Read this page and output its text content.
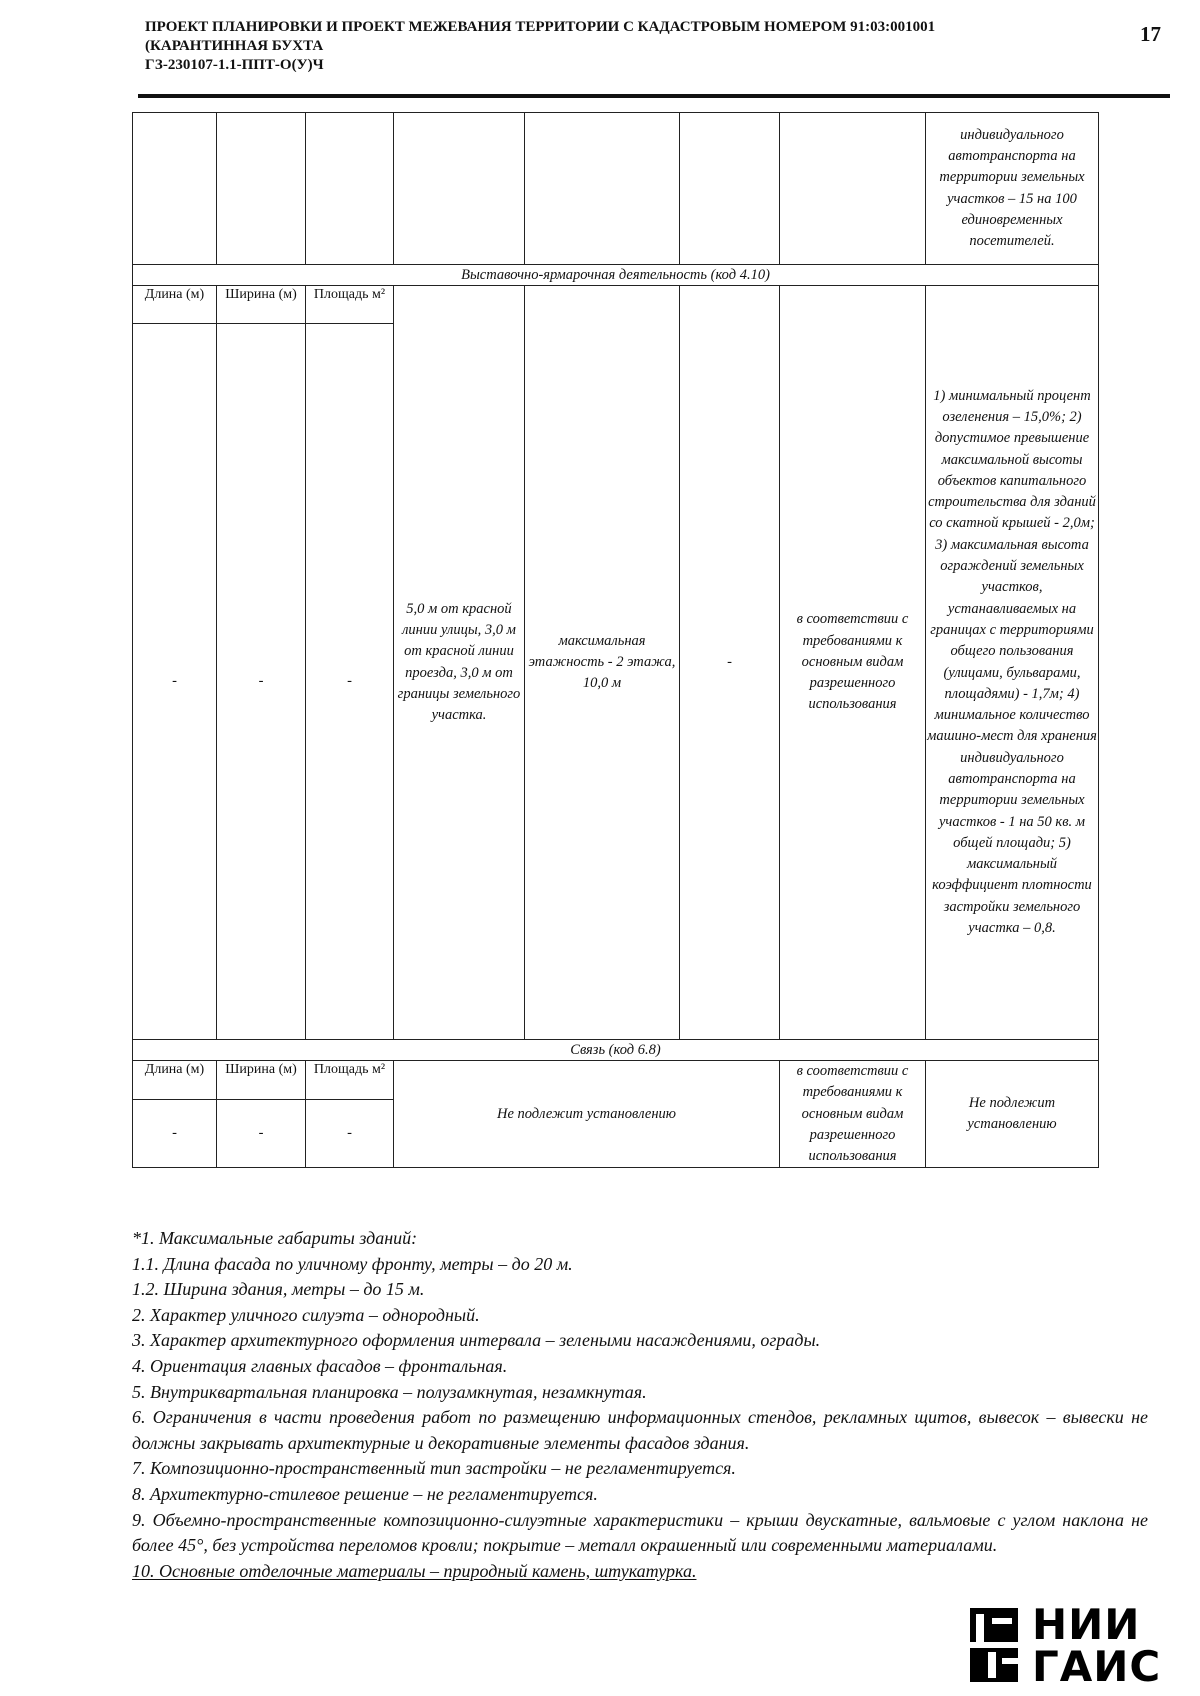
ПРОЕКТ ПЛАНИРОВКИ И ПРОЕКТ МЕЖЕВАНИЯ ТЕРРИТОРИИ С КАДАСТРОВЫМ НОМЕРОМ 91:03:001001
(КАРАНТИННАЯ БУХТА
ГЗ-230107-1.1-ППТ-О(У)Ч
17
							индивидуального автотранспорта на территории земельных участков – 15 на 100 единовременных посетителей.
Выставочно-ярмарочная деятельность (код 4.10)							
Длина (м)	Ширина (м)	Площадь м²	5,0 м от красной линии улицы, 3,0 м от красной линии проезда, 3,0 м от границы земельного участка.	максимальная этажность - 2 этажа, 10,0 м	-	в соответствии с требованиями к основным видам разрешенного использования	1) минимальный процент озеленения – 15,0%; 2) допустимое превышение максимальной высоты объектов капитального строительства для зданий со скатной крышей - 2,0м; 3) максимальная высота ограждений земельных участков, устанавливаемых на границах с территориями общего пользования (улицами, бульварами, площадями) - 1,7м; 4) минимальное количество машино-мест для хранения индивидуального автотранспорта на территории земельных участков - 1 на 50 кв. м общей площади; 5) максимальный коэффициент плотности застройки земельного участка – 0,8.
-	-	-					
Связь (код 6.8)							
Длина (м)	Ширина (м)	Площадь м²	Не подлежит установлению			в соответствии с требованиями к основным видам разрешенного использования	Не подлежит установлению
-	-	-					

*1. Максимальные габариты зданий:

1.1. Длина фасада по уличному фронту, метры – до 20 м.

1.2. Ширина здания, метры – до 15 м.

2. Характер уличного силуэта – однородный.

3. Характер архитектурного оформления интервала – зелеными насаждениями, ограды.

4. Ориентация главных фасадов – фронтальная.

5. Внутриквартальная планировка – полузамкнутая, незамкнутая.

6. Ограничения в части проведения работ по размещению информационных стендов, рекламных щитов, вывесок – вывески не должны закрывать архитектурные и декоративные элементы фасадов здания.

7. Композиционно-пространственный тип застройки – не регламентируется.

8. Архитектурно-стилевое решение – не регламентируется.

9. Объемно-пространственные композиционно-силуэтные характеристики – крыши двускатные, вальмовые с углом наклона не более 45°, без устройства переломов кровли; покрытие – металл окрашенный или современными материалами.

10. Основные отделочные материалы – природный камень, штукатурка.

НИИ
ГАИС
